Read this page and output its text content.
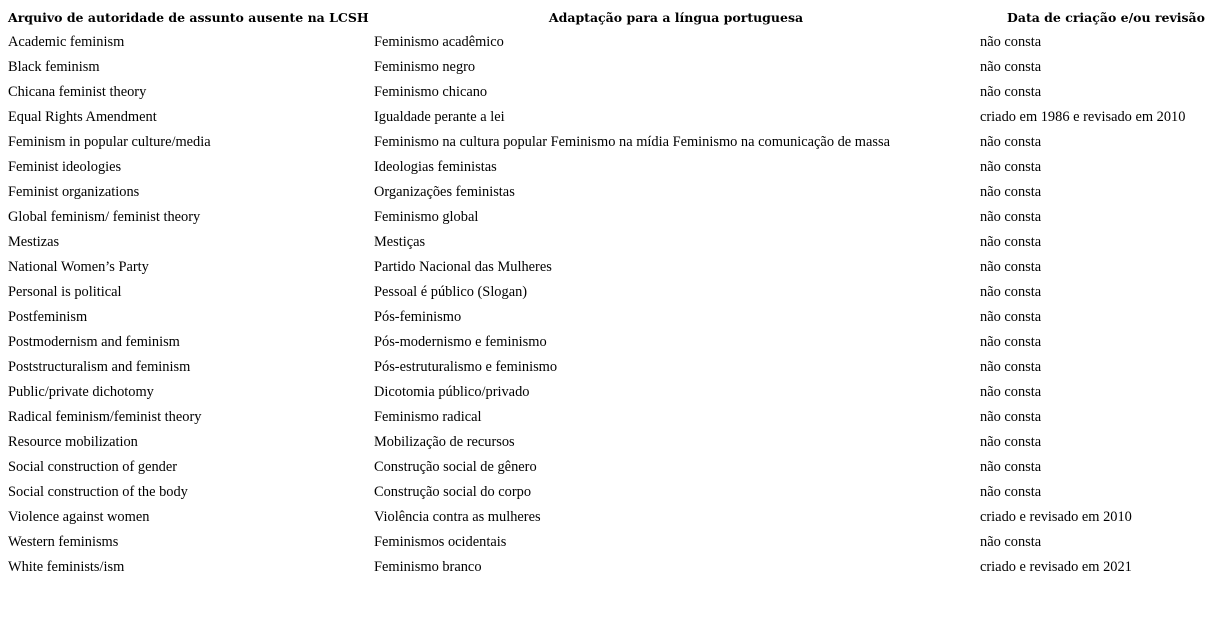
Arquivo de autoridade de assunto ausente na LCSH	Adaptação para a língua portuguesa	Data de criação e/ou revisão
Academic feminism	Feminismo acadêmico	não consta
Black feminism	Feminismo negro	não consta
Chicana feminist theory	Feminismo chicano	não consta
Equal Rights Amendment	Igualdade perante a lei	criado em 1986 e revisado em 2010
Feminism in popular culture/media	Feminismo na cultura popular Feminismo na mídia Feminismo na comunicação de massa	não consta
Feminist ideologies	Ideologias feministas	não consta
Feminist organizations	Organizações feministas	não consta
Global feminism/ feminist theory	Feminismo global	não consta
Mestizas	Mestiças	não consta
National Women’s Party	Partido Nacional das Mulheres	não consta
Personal is political	Pessoal é público (Slogan)	não consta
Postfeminism	Pós-feminismo	não consta
Postmodernism and feminism	Pós-modernismo e feminismo	não consta
Poststructuralism and feminism	Pós-estruturalismo e feminismo	não consta
Public/private dichotomy	Dicotomia público/privado	não consta
Radical feminism/feminist theory	Feminismo radical	não consta
Resource mobilization	Mobilização de recursos	não consta
Social construction of gender	Construção social de gênero	não consta
Social construction of the body	Construção social do corpo	não consta
Violence against women	Violência contra as mulheres	criado e revisado em 2010
Western feminisms	Feminismos ocidentais	não consta
White feminists/ism	Feminismo branco	criado e revisado em 2021
